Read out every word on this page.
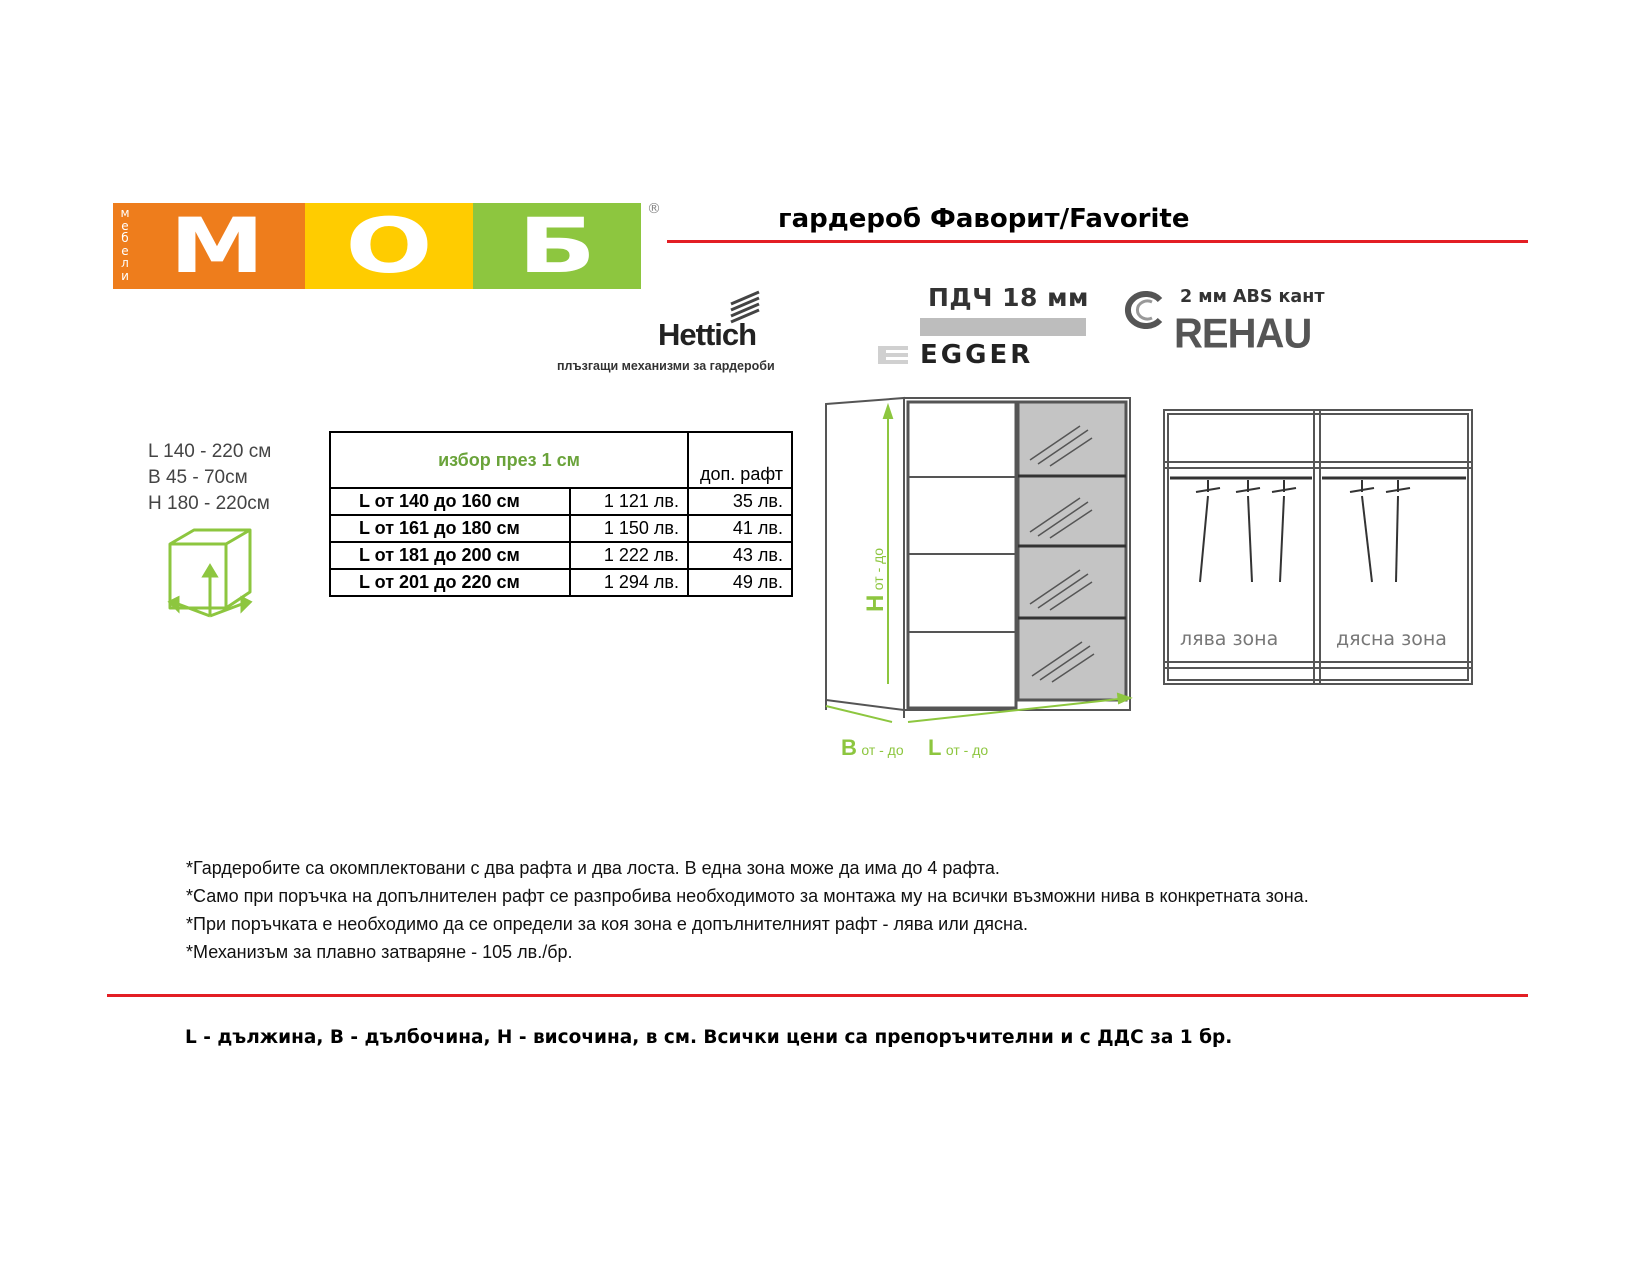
м
е
б
е
л
и М	О	Б	®	гардероб Фаворит/Favorite
Hettich
плъзгащи механизми за гардероби
ПДЧ 18 мм
EGGER
2 мм ABS кант
REHAU
L 140 - 220 см
B 45 - 70см
H 180 - 220см
избор през 1 см		доп. рафт
L от 140 до 160 см	1 121 лв.	35 лв.
L от 161 до 180 см	1 150 лв.	41 лв.
L от 181 до 200 см	1 222 лв.	43 лв.
L от 201 до 220 см	1 294 лв.	49 лв.
H от - до
B от - до L от - до
лява зона	дясна зона
*Гардеробите са окомплектовани с два рафта и два лоста. В една зона може да има до 4 рафта.
*Само при поръчка на допълнителен рафт се разпробива необходимото за монтажа му на всички възможни нива в конкретната зона.
*При поръчката е необходимо да се определи за коя зона е допълнителният рафт - лява или дясна.
*Механизъм за плавно затваряне - 105 лв./бр.
L - дължина, B - дълбочина, H - височина, в см. Всички цени са препоръчителни и с ДДС за 1 бр.
